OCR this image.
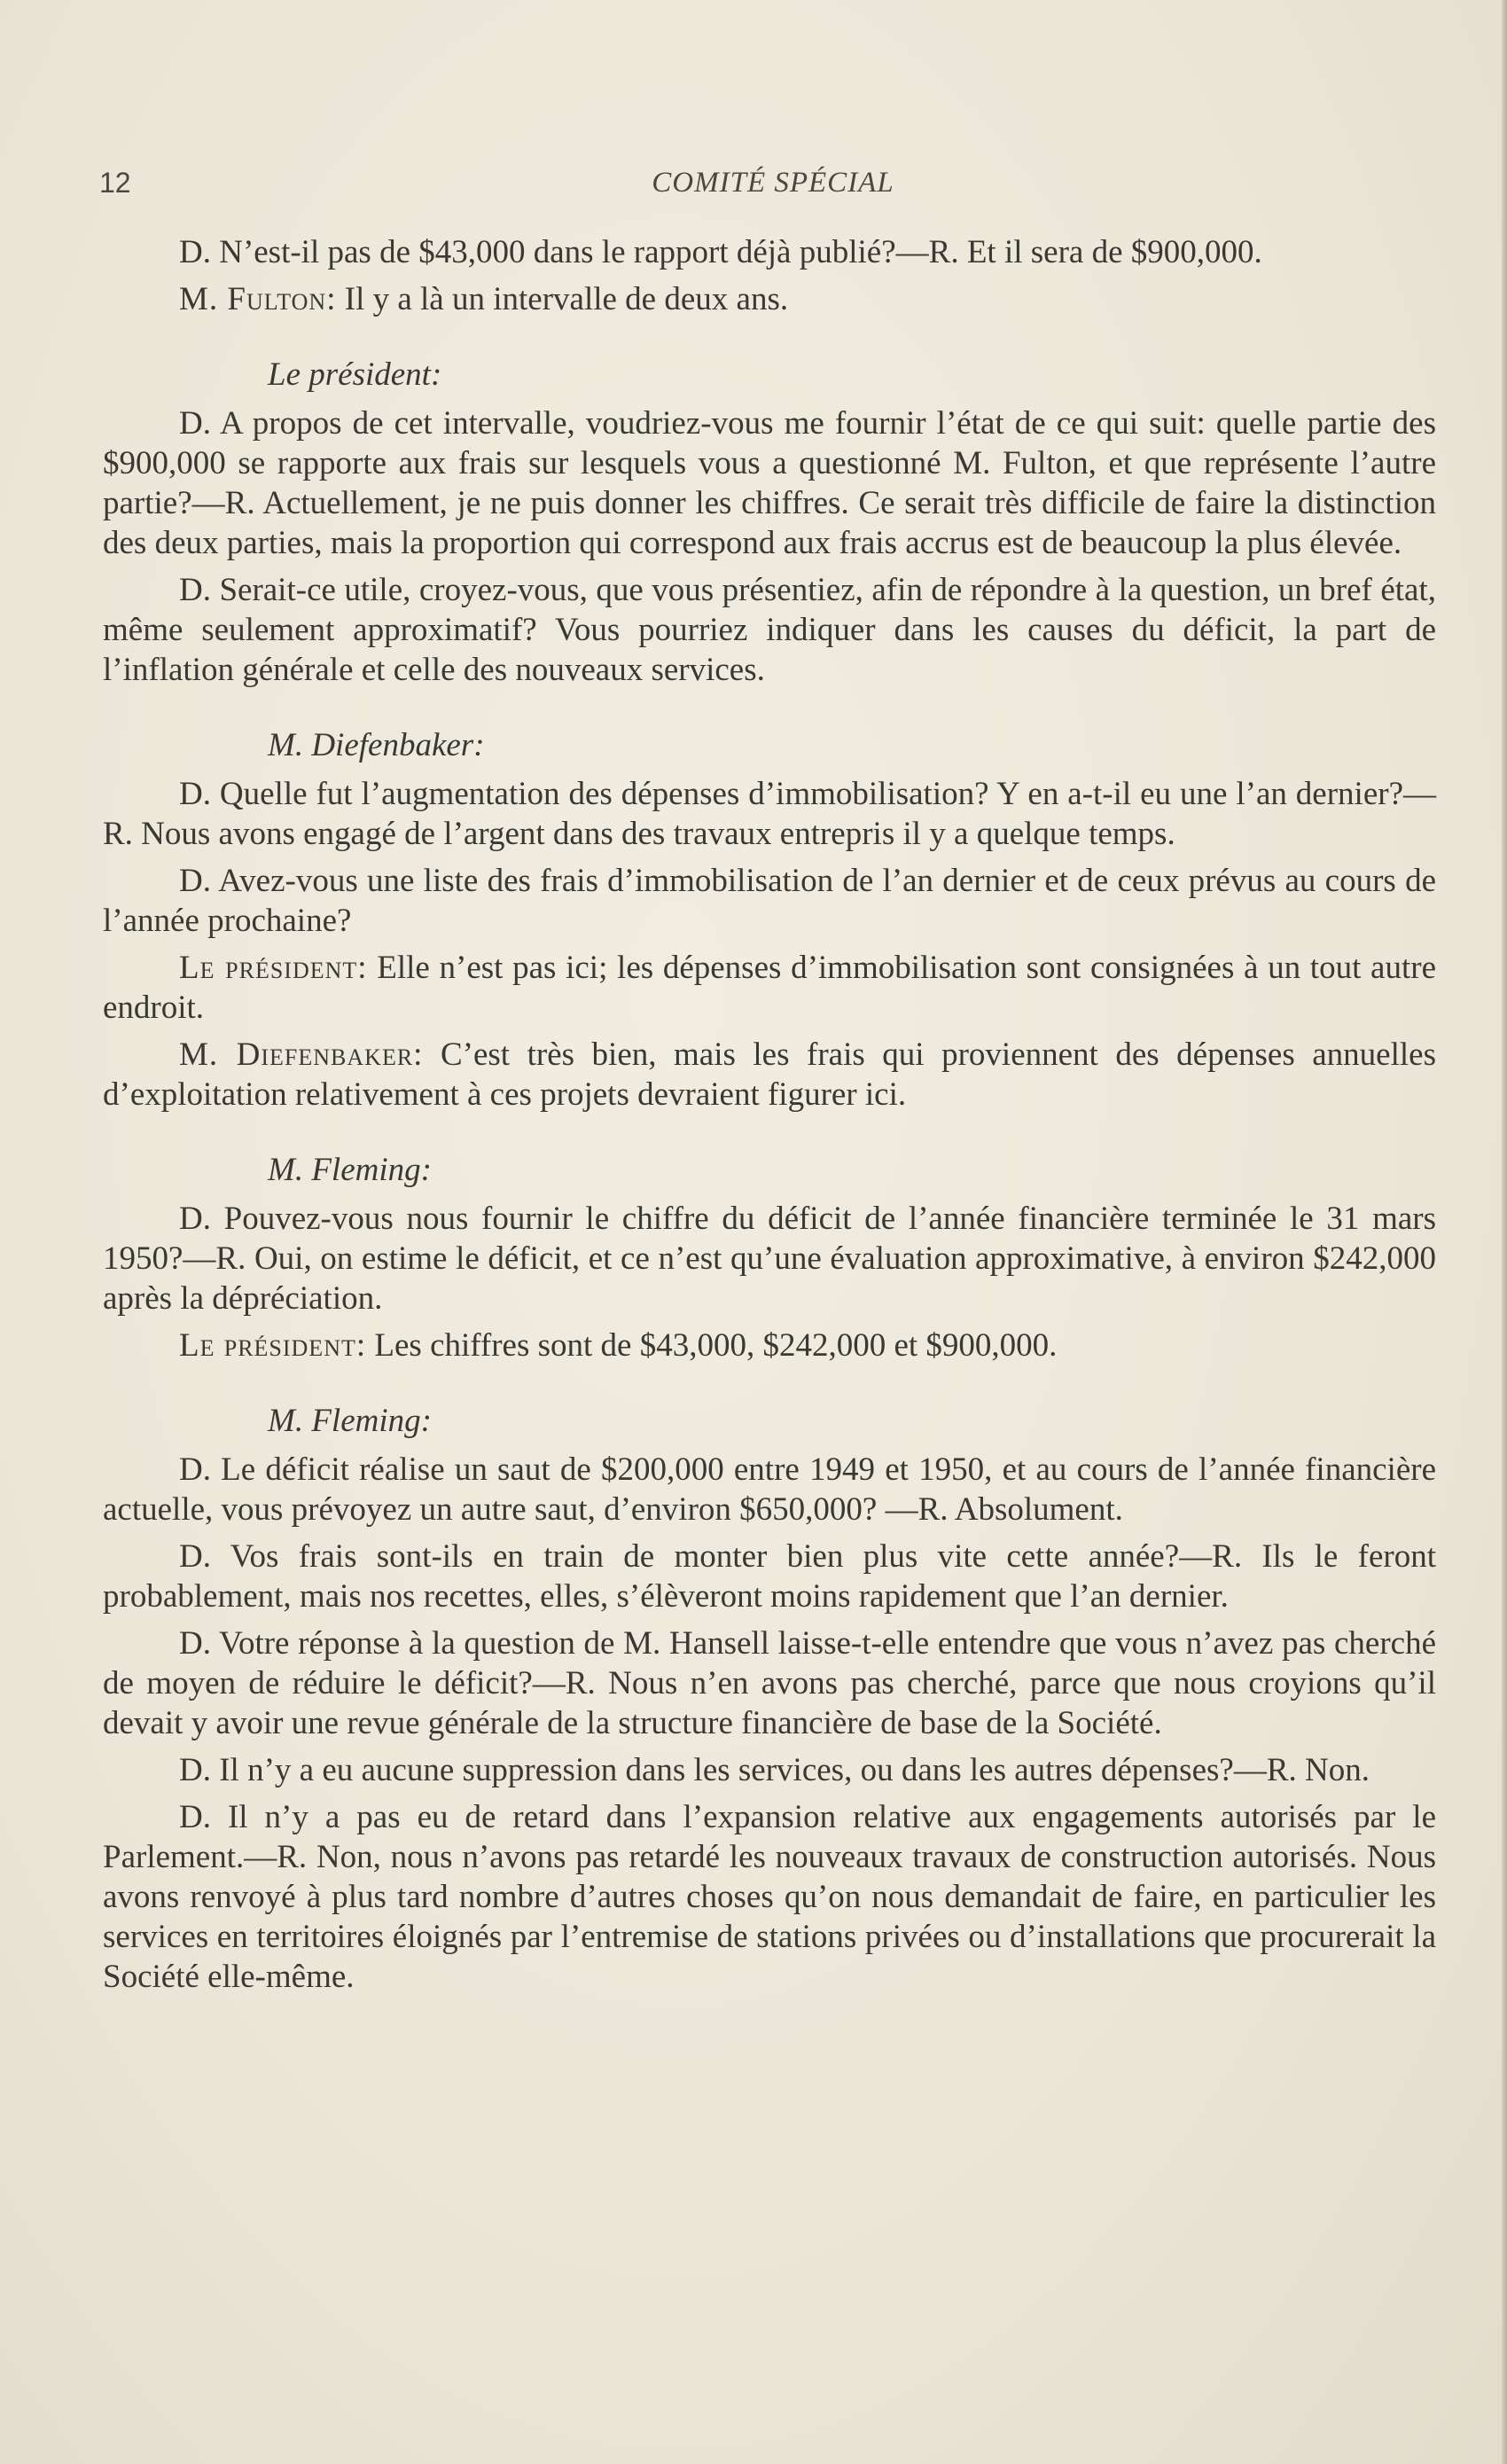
12	COMITÉ SPÉCIAL

D. N’est-il pas de $43,000 dans le rapport déjà publié?—R. Et il sera de $900,000.

M. Fulton: Il y a là un intervalle de deux ans.

Le président:

D. A propos de cet intervalle, voudriez-vous me fournir l’état de ce qui suit: quelle partie des $900,000 se rapporte aux frais sur lesquels vous a questionné M. Fulton, et que représente l’autre partie?—R. Actuellement, je ne puis donner les chiffres. Ce serait très difficile de faire la distinction des deux parties, mais la proportion qui correspond aux frais accrus est de beaucoup la plus élevée.

D. Serait-ce utile, croyez-vous, que vous présentiez, afin de répondre à la question, un bref état, même seulement approximatif? Vous pourriez indiquer dans les causes du déficit, la part de l’inflation générale et celle des nouveaux services.

M. Diefenbaker:

D. Quelle fut l’augmentation des dépenses d’immobilisation? Y en a-t-il eu une l’an dernier?—R. Nous avons engagé de l’argent dans des travaux entrepris il y a quelque temps.

D. Avez-vous une liste des frais d’immobilisation de l’an dernier et de ceux prévus au cours de l’année prochaine?

Le président: Elle n’est pas ici; les dépenses d’immobilisation sont consignées à un tout autre endroit.

M. Diefenbaker: C’est très bien, mais les frais qui proviennent des dépenses annuelles d’exploitation relativement à ces projets devraient figurer ici.

M. Fleming:

D. Pouvez-vous nous fournir le chiffre du déficit de l’année financière terminée le 31 mars 1950?—R. Oui, on estime le déficit, et ce n’est qu’une évaluation approximative, à environ $242,000 après la dépréciation.

Le président: Les chiffres sont de $43,000, $242,000 et $900,000.

M. Fleming:

D. Le déficit réalise un saut de $200,000 entre 1949 et 1950, et au cours de l’année financière actuelle, vous prévoyez un autre saut, d’environ $650,000? —R. Absolument.

D. Vos frais sont-ils en train de monter bien plus vite cette année?—R. Ils le feront probablement, mais nos recettes, elles, s’élèveront moins rapidement que l’an dernier.

D. Votre réponse à la question de M. Hansell laisse-t-elle entendre que vous n’avez pas cherché de moyen de réduire le déficit?—R. Nous n’en avons pas cherché, parce que nous croyions qu’il devait y avoir une revue générale de la structure financière de base de la Société.

D. Il n’y a eu aucune suppression dans les services, ou dans les autres dépenses?—R. Non.

D. Il n’y a pas eu de retard dans l’expansion relative aux engagements autorisés par le Parlement.—R. Non, nous n’avons pas retardé les nouveaux travaux de construction autorisés. Nous avons renvoyé à plus tard nombre d’autres choses qu’on nous demandait de faire, en particulier les services en territoires éloignés par l’entremise de stations privées ou d’installations que procurerait la Société elle-même.
